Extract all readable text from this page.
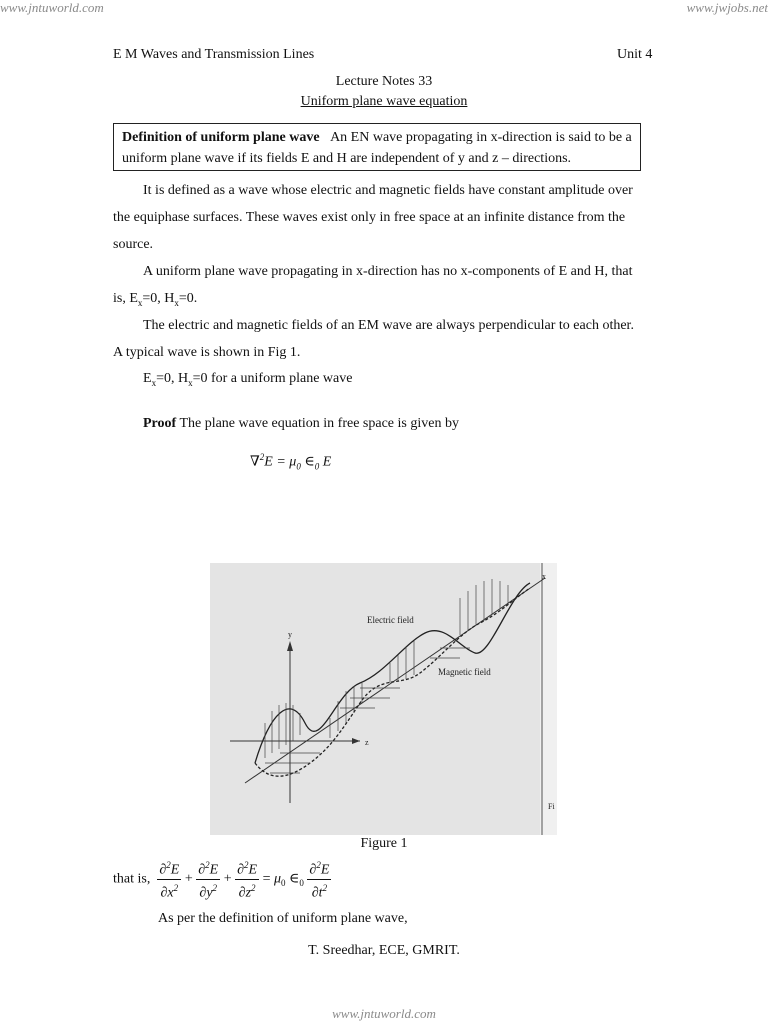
www.jntuworld.com	www.jwjobs.net
www.jntuworld.com
E M Waves and Transmission Lines	Unit 4
Lecture Notes 33
Uniform plane wave equation
Definition of uniform plane wave An EN wave propagating in x-direction is said to be a uniform plane wave if its fields E and H are independent of y and z – directions.
It is defined as a wave whose electric and magnetic fields have constant amplitude over the equiphase surfaces. These waves exist only in free space at an infinite distance from the source.
A uniform plane wave propagating in x-direction has no x-components of E and H, that is, $E_x=0$, $H_x=0$.
The electric and magnetic fields of an EM wave are always perpendicular to each other. A typical wave is shown in Fig 1.
$E_x=0$, $H_x=0$ for a uniform plane wave
Proof The plane wave equation in free space is given by
$\nabla^2E = \mu_0$ $\in_0$ E
Electric field
Magnetic field
y
z
x
Fi
Figure 1
that is, $\frac{\partial^2E}{\partial x^2} + \frac{\partial^2E}{\partial y^2} + \frac{\partial^2E}{\partial z^2} = \mu_0$ $\in_0 \frac{\partial^2E}{\partial t^2}$
As per the definition of uniform plane wave,
T. Sreedhar, ECE, GMRIT.
